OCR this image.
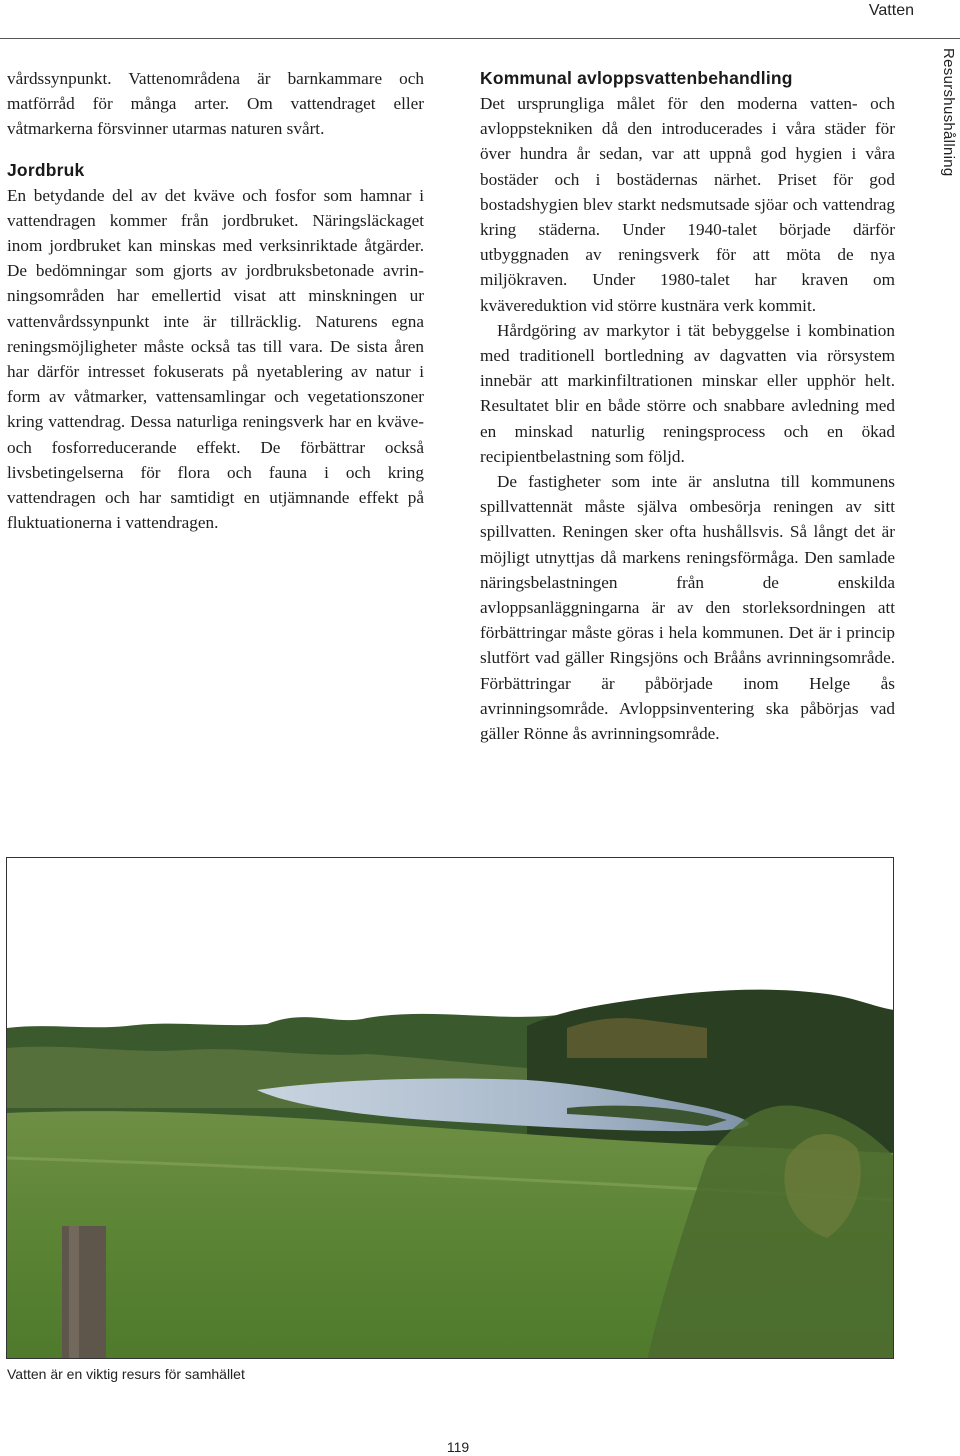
Vatten
Resurshushållning

vårdssynpunkt. Vattenområdena är barnkammare och matförråd för många arter. Om vattendraget eller våtmarkerna försvinner utarmas naturen svårt.

Jordbruk

En betydande del av det kväve och fosfor som hamnar i vattendragen kommer från jordbruket. Näringsläckaget inom jordbruket kan minskas med verksinriktade åtgärder. De bedömningar som gjorts av jordbruksbetonade avrinningsområden har emellertid visat att minskningen ur vattenvårdssynpunkt inte är tillräcklig. Naturens egna reningsmöjligheter måste också tas till vara. De sista åren har därför intresset fokuserats på nyetablering av natur i form av våtmarker, vattensamlingar och vegetationszoner kring vattendrag. Dessa naturliga reningsverk har en kväve- och fosforreducerande effekt. De förbättrar också livsbetingelserna för flora och fauna i och kring vattendragen och har samtidigt en utjämnande effekt på fluktuationerna i vattendragen.

Kommunal avloppsvattenbehandling

Det ursprungliga målet för den moderna vatten- och avloppstekniken då den introducerades i våra städer för över hundra år sedan, var att uppnå god hygien i våra bostäder och i bostädernas närhet. Priset för god bostadshygien blev starkt nedsmutsade sjöar och vattendrag kring städerna. Under 1940-talet började därför utbyggnaden av reningsverk för att möta de nya miljökraven. Under 1980-talet har kraven om kvävereduktion vid större kustnära verk kommit.

Hårdgöring av markytor i tät bebyggelse i kombination med traditionell bortledning av dagvatten via rörsystem innebär att markinfiltrationen minskar eller upphör helt. Resultatet blir en både större och snabbare avledning med en minskad naturlig reningsprocess och en ökad recipientbelastning som följd.

De fastigheter som inte är anslutna till kommunens spillvattennät måste själva ombesörja reningen av sitt spillvatten. Reningen sker ofta hushållsvis. Så långt det är möjligt utnyttjas då markens reningsförmåga. Den samlade näringsbelastningen från de enskilda avloppsanläggningarna är av den storleksordningen att förbättringar måste göras i hela kommunen. Det är i princip slutfört vad gäller Ringsjöns och Brååns avrinningsområde. Förbättringar är påbörjade inom Helge ås avrinningsområde. Avloppsinventering ska påbörjas vad gäller Rönne ås avrinningsområde.

Vatten är en viktig resurs för samhället
119
